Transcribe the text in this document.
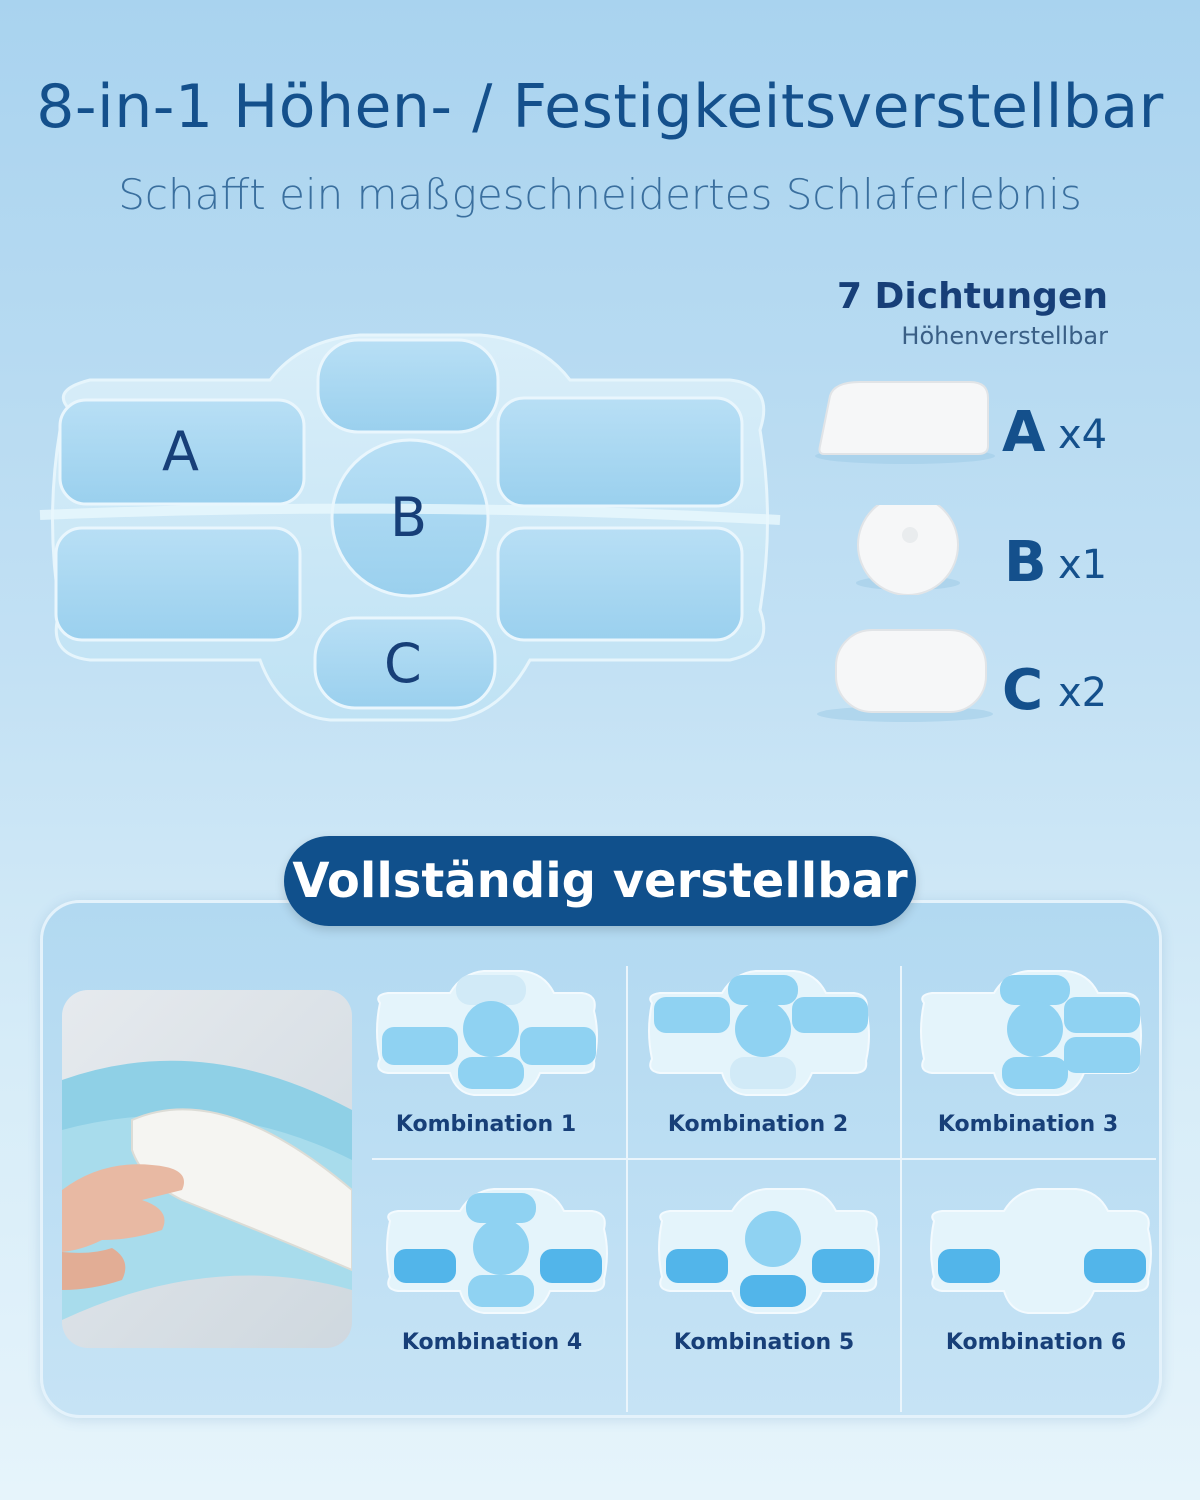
8-in-1 Höhen- / Festigkeitsverstellbar
Schafft ein maßgeschneidertes Schlaferlebnis
A
B
C
7 Dichtungen
Höhenverstellbar
A x4
B x1
C x2
Vollständig verstellbar
Kombination 1	Kombination 2	Kombination 3
Kombination 4	Kombination 5	Kombination 6
